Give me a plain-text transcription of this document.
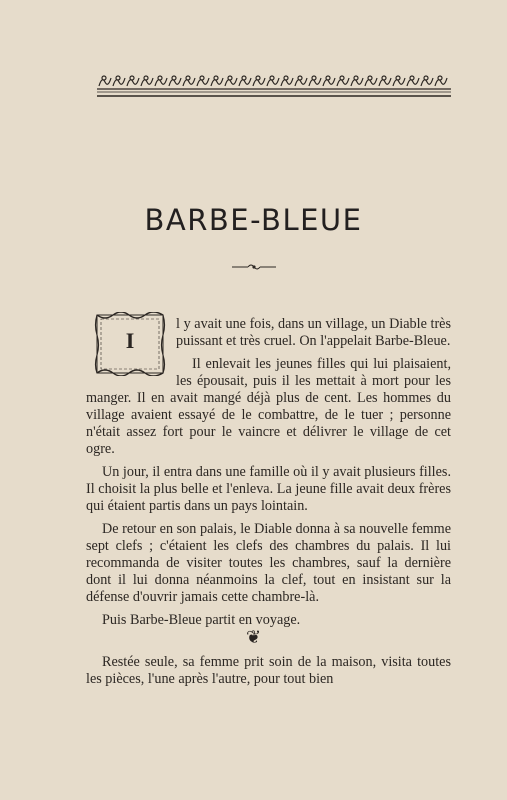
BARBE-BLEUE

I
l y avait une fois, dans un village, un Diable très puissant et très cruel. On l'appelait Barbe-Bleue.

Il enlevait les jeunes filles qui lui plaisaient, les épousait, puis il les mettait à mort pour les manger. Il en avait mangé déjà plus de cent. Les hommes du village avaient essayé de le combattre, de le tuer ; personne n'était assez fort pour le vaincre et délivrer le village de cet ogre.

Un jour, il entra dans une famille où il y avait plusieurs filles. Il choisit la plus belle et l'enleva. La jeune fille avait deux frères qui étaient partis dans un pays lointain.

De retour en son palais, le Diable donna à sa nouvelle femme sept clefs ; c'étaient les clefs des chambres du palais. Il lui recommanda de visiter toutes les chambres, sauf la dernière dont il lui donna néanmoins la clef, tout en insistant sur la défense d'ouvrir jamais cette chambre-là.

Puis Barbe-Bleue partit en voyage.

❦

Restée seule, sa femme prit soin de la maison, visita toutes les pièces, l'une après l'autre, pour tout bien
